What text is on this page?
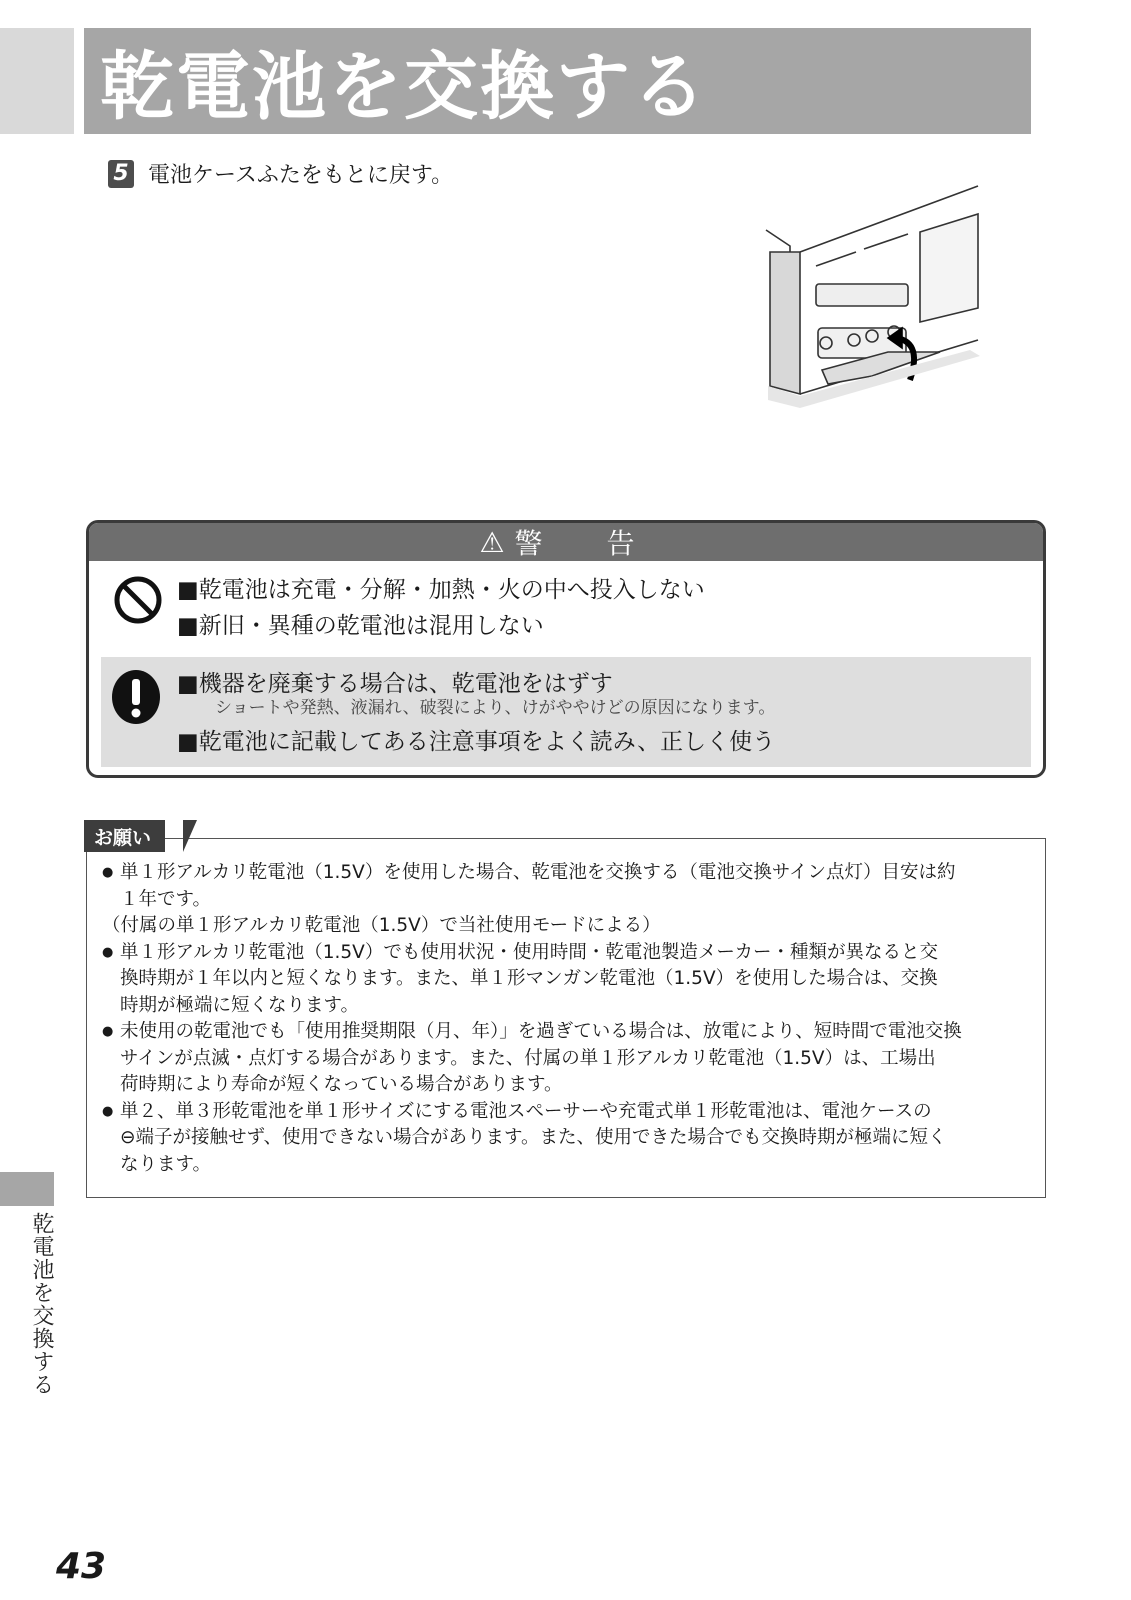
乾電池を交換する
5 電池ケースふたをもとに戻す。
⚠ 警　告
■乾電池は充電・分解・加熱・火の中へ投入しない
■新旧・異種の乾電池は混用しない
■機器を廃棄する場合は、乾電池をはずす
ショートや発熱、液漏れ、破裂により、けがややけどの原因になります。
■乾電池に記載してある注意事項をよく読み、正しく使う
お願い

● 単１形アルカリ乾電池（1.5V）を使用した場合、乾電池を交換する（電池交換サイン点灯）目安は約

１年です。

（付属の単１形アルカリ乾電池（1.5V）で当社使用モードによる）

● 単１形アルカリ乾電池（1.5V）でも使用状況・使用時間・乾電池製造メーカー・種類が異なると交

換時期が１年以内と短くなります。また、単１形マンガン乾電池（1.5V）を使用した場合は、交換

時期が極端に短くなります。

● 未使用の乾電池でも「使用推奨期限（月、年）」を過ぎている場合は、放電により、短時間で電池交換

サインが点滅・点灯する場合があります。また、付属の単１形アルカリ乾電池（1.5V）は、工場出

荷時期により寿命が短くなっている場合があります。

● 単２、単３形乾電池を単１形サイズにする電池スペーサーや充電式単１形乾電池は、電池ケースの

⊖端子が接触せず、使用できない場合があります。また、使用できた場合でも交換時期が極端に短く

なります。

乾電池を交換する
43
